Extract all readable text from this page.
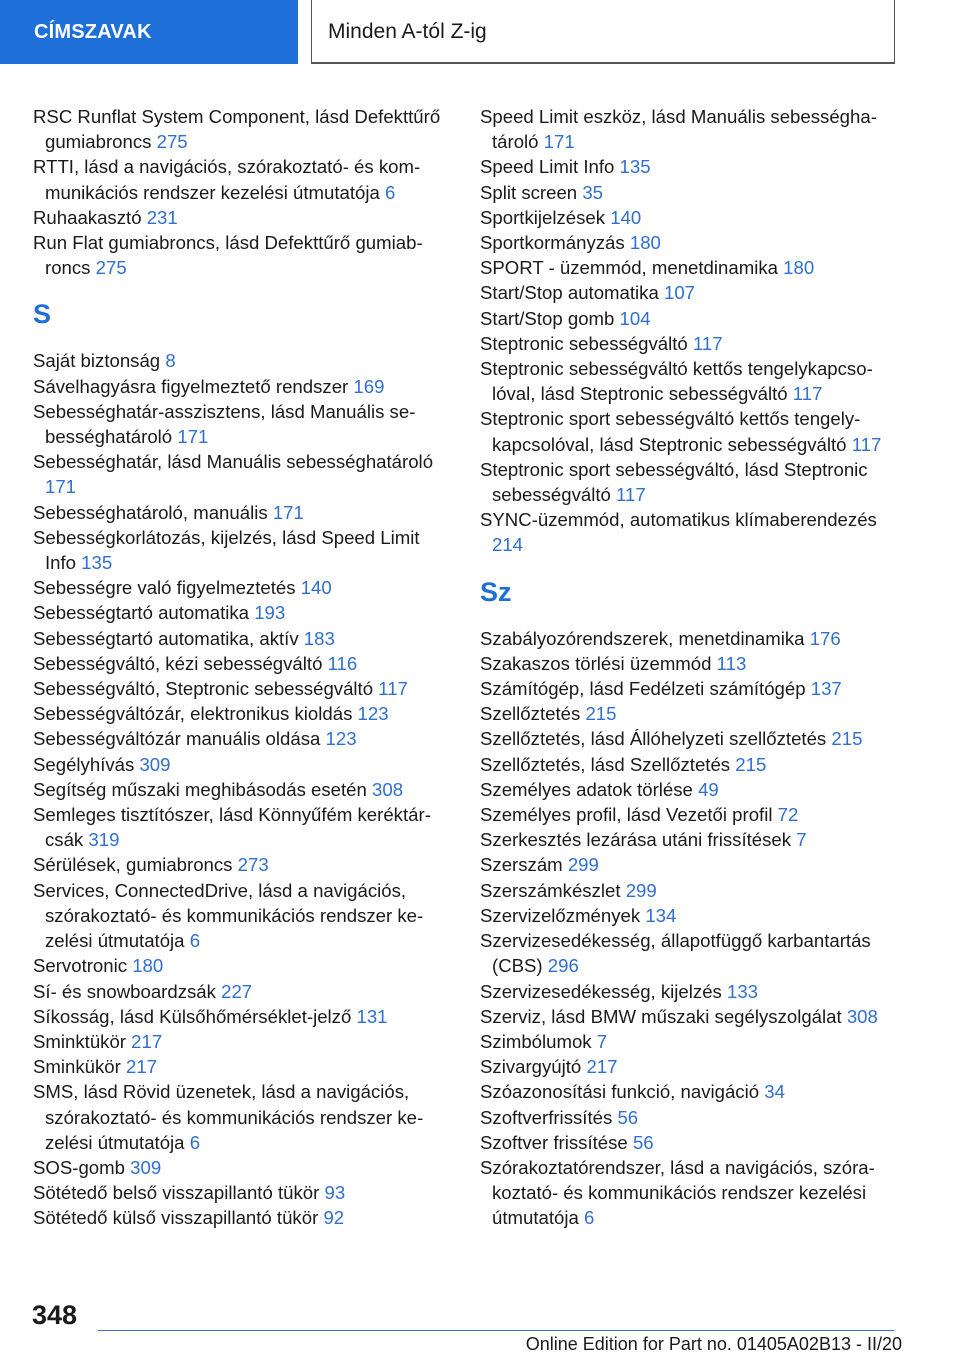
CÍMSZAVAK	Minden A-tól Z-ig
RSC Runflat System Component, lásd Defekttűrő gumiabroncs 275
RTTI, lásd a navigációs, szórakoztató- és kommunikációs rendszer kezelési útmutatója 6
Ruhaakasztó 231
Run Flat gumiabroncs, lásd Defekttűrő gumiabroncs 275
S
Saját biztonság 8
Sávelhagyásra figyelmeztető rendszer 169
Sebességhatár-asszisztens, lásd Manuális sebességhatároló 171
Sebességhatár, lásd Manuális sebességhatároló 171
Sebességhatároló, manuális 171
Sebességkorlátozás, kijelzés, lásd Speed Limit Info 135
Sebességre való figyelmeztetés 140
Sebességtartó automatika 193
Sebességtartó automatika, aktív 183
Sebességváltó, kézi sebességváltó 116
Sebességváltó, Steptronic sebességváltó 117
Sebességváltózár, elektronikus kioldás 123
Sebességváltózár manuális oldása 123
Segélyhívás 309
Segítség műszaki meghibásodás esetén 308
Semleges tisztítószer, lásd Könnyűfém keréktárcsák 319
Sérülések, gumiabroncs 273
Services, ConnectedDrive, lásd a navigációs, szórakoztató- és kommunikációs rendszer kezelési útmutatója 6
Servotronic 180
Sí- és snowboardzsák 227
Síkosság, lásd Külsőhőmérséklet-jelző 131
Sminktükör 217
Sminkükör 217
SMS, lásd Rövid üzenetek, lásd a navigációs, szórakoztató- és kommunikációs rendszer kezelési útmutatója 6
SOS-gomb 309
Sötétedő belső visszapillantó tükör 93
Sötétedő külső visszapillantó tükör 92
Speed Limit eszköz, lásd Manuális sebességhatároló 171
Speed Limit Info 135
Split screen 35
Sportkijelzések 140
Sportkormányzás 180
SPORT - üzemmód, menetdinamika 180
Start/Stop automatika 107
Start/Stop gomb 104
Steptronic sebességváltó 117
Steptronic sebességváltó kettős tengelykapcsolóval, lásd Steptronic sebességváltó 117
Steptronic sport sebességváltó kettős tengelykapcsolóval, lásd Steptronic sebességváltó 117
Steptronic sport sebességváltó, lásd Steptronic sebességváltó 117
SYNC-üzemmód, automatikus klímaberendezés 214
Sz
Szabályozórendszerek, menetdinamika 176
Szakaszos törlési üzemmód 113
Számítógép, lásd Fedélzeti számítógép 137
Szellőztetés 215
Szellőztetés, lásd Állóhelyzeti szellőztetés 215
Szellőztetés, lásd Szellőztetés 215
Személyes adatok törlése 49
Személyes profil, lásd Vezetői profil 72
Szerkesztés lezárása utáni frissítések 7
Szerszám 299
Szerszámkészlet 299
Szervizelőzmények 134
Szervizesedékesség, állapotfüggő karbantartás (CBS) 296
Szervizesedékesség, kijelzés 133
Szerviz, lásd BMW műszaki segélyszolgálat 308
Szimbólumok 7
Szivargyújtó 217
Szóazonosítási funkció, navigáció 34
Szoftverfrissítés 56
Szoftver frissítése 56
Szórakoztatórendszer, lásd a navigációs, szórakoztató- és kommunikációs rendszer kezelési útmutatója 6
348
Online Edition for Part no. 01405A02B13 - II/20
